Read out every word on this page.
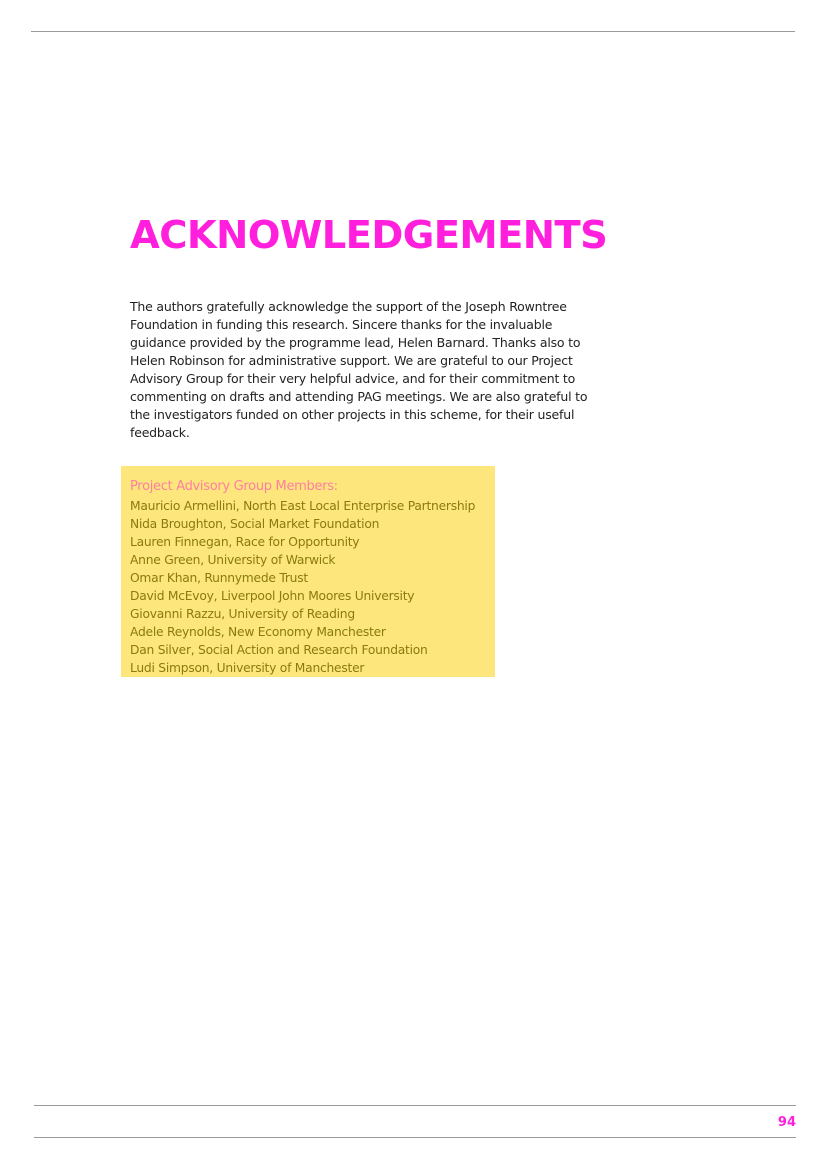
ACKNOWLEDGEMENTS

The authors gratefully acknowledge the support of the Joseph Rowntree
Foundation in funding this research. Sincere thanks for the invaluable
guidance provided by the programme lead, Helen Barnard. Thanks also to
Helen Robinson for administrative support. We are grateful to our Project
Advisory Group for their very helpful advice, and for their commitment to
commenting on drafts and attending PAG meetings. We are also grateful to
the investigators funded on other projects in this scheme, for their useful
feedback.

Project Advisory Group Members:
Mauricio Armellini, North East Local Enterprise Partnership
Nida Broughton, Social Market Foundation
Lauren Finnegan, Race for Opportunity
Anne Green, University of Warwick
Omar Khan, Runnymede Trust
David McEvoy, Liverpool John Moores University
Giovanni Razzu, University of Reading
Adele Reynolds, New Economy Manchester
Dan Silver, Social Action and Research Foundation
Ludi Simpson, University of Manchester
94
